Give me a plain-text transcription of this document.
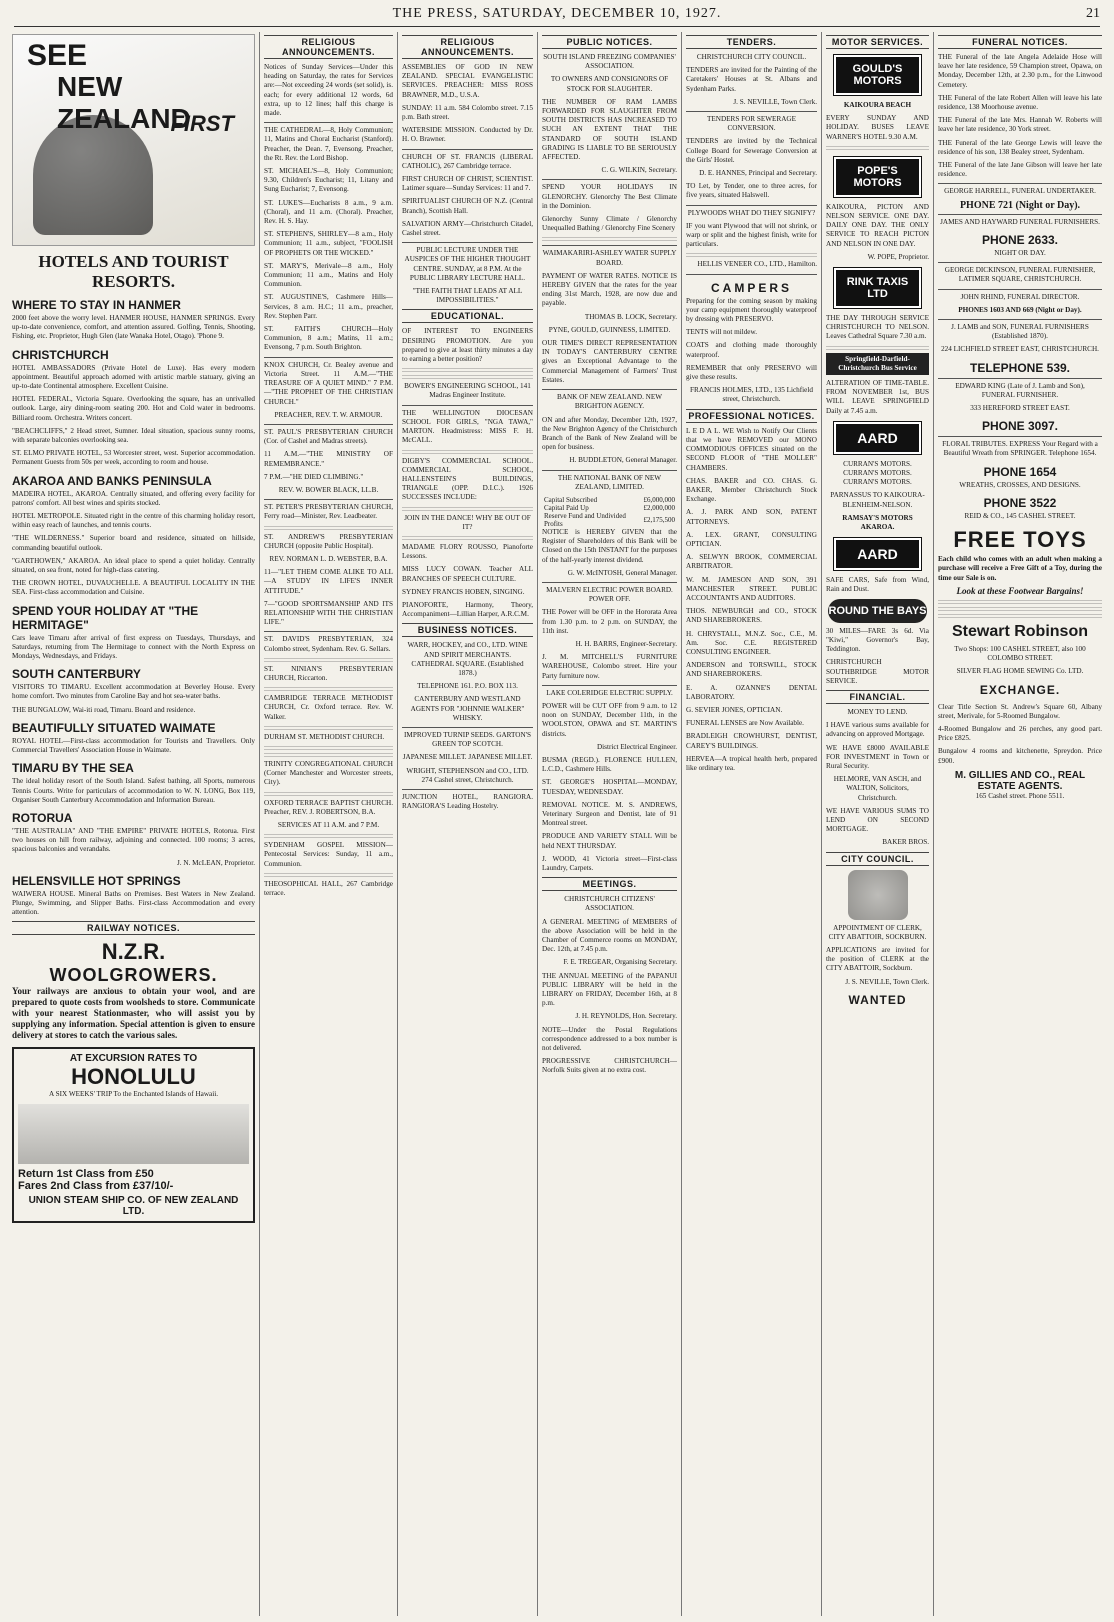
THE PRESS, SATURDAY, DECEMBER 10, 1927.	21
SEE
NEW ZEALAND
FIRST
HOTELS AND TOURIST RESORTS.
WHERE TO STAY IN HANMER
2000 feet above the worry level. HANMER HOUSE, HANMER SPRINGS. Every up-to-date convenience, comfort, and attention assured. Golfing, Tennis, Shooting, Fishing, etc. Proprietor, Hugh Glen (late Wanaka Hotel, Otago). 'Phone 9.
CHRISTCHURCH
HOTEL AMBASSADORS (Private Hotel de Luxe). Has every modern appointment. Beautiful approach adorned with artistic marble statuary, giving an up-to-date Continental atmosphere. Excellent Cuisine.
HOTEL FEDERAL, Victoria Square. Overlooking the square, has an unrivalled outlook. Large, airy dining-room seating 200. Hot and Cold water in bedrooms. Billiard room. Orchestra. Writers concert.
"BEACHCLIFFS," 2 Head street, Sumner. Ideal situation, spacious sunny rooms, with separate balconies overlooking sea.
ST. ELMO PRIVATE HOTEL, 53 Worcester street, west. Superior accommodation. Permanent Guests from 50s per week, according to room and house.
AKAROA AND BANKS PENINSULA
MADEIRA HOTEL, AKAROA. Centrally situated, and offering every facility for patrons' comfort. All best wines and spirits stocked.
HOTEL METROPOLE. Situated right in the centre of this charming holiday resort, within easy reach of launches, and tennis courts.
"THE WILDERNESS." Superior board and residence, situated on hillside, commanding beautiful outlook.
"GARTHOWEN," AKAROA. An ideal place to spend a quiet holiday. Centrally situated, on sea front, noted for high-class catering.
THE CROWN HOTEL, DUVAUCHELLE. A BEAUTIFUL LOCALITY IN THE SEA. First-class accommodation and Cuisine.
SPEND YOUR HOLIDAY AT "THE HERMITAGE"
Cars leave Timaru after arrival of first express on Tuesdays, Thursdays, and Saturdays, returning from The Hermitage to connect with the North Express on Mondays, Wednesdays, and Fridays.
SOUTH CANTERBURY
VISITORS TO TIMARU. Excellent accommodation at Beverley House. Every home comfort. Two minutes from Caroline Bay and hot sea-water baths.
THE BUNGALOW, Wai-iti road, Timaru. Board and residence.
BEAUTIFULLY SITUATED WAIMATE
ROYAL HOTEL—First-class accommodation for Tourists and Travellers. Only Commercial Travellers' Association House in Waimate.
TIMARU BY THE SEA
The ideal holiday resort of the South Island. Safest bathing, all Sports, numerous Tennis Courts. Write for particulars of accommodation to W. N. LONG, Box 119, Organiser South Canterbury Accommodation and Information Bureau.
ROTORUA
"THE AUSTRALIA" AND "THE EMPIRE" PRIVATE HOTELS, Rotorua. First two houses on hill from railway, adjoining and connected. 100 rooms; 3 acres, spacious balconies and verandahs.
J. N. McLEAN, Proprietor.
HELENSVILLE HOT SPRINGS
WAIWERA HOUSE. Mineral Baths on Premises. Best Waters in New Zealand. Plunge, Swimming, and Slipper Baths. First-class Accommodation and every attention.
RAILWAY NOTICES.
N.Z.R.
WOOLGROWERS.
Your railways are anxious to obtain your wool, and are prepared to quote costs from woolsheds to store. Communicate with your nearest Stationmaster, who will assist you by supplying any information. Special attention is given to ensure delivery at stores to catch the various sales.
AT EXCURSION RATES TO
HONOLULU
A SIX WEEKS' TRIP To the Enchanted Islands of Hawaii.
Return 1st Class from £50
Fares 2nd Class from £37/10/-
UNION STEAM SHIP CO. OF NEW ZEALAND LTD.
RELIGIOUS ANNOUNCEMENTS.
Notices of Sunday Services—Under this heading on Saturday, the rates for Services are:—Not exceeding 24 words (set solid), is. each; for every additional 12 words, 6d extra, up to 12 lines; half this charge is made.
THE CATHEDRAL—8, Holy Communion; 11, Matins and Choral Eucharist (Stanford). Preacher, the Dean. 7, Evensong. Preacher, the Rt. Rev. the Lord Bishop.
ST. MICHAEL'S—8, Holy Communion; 9.30, Children's Eucharist; 11, Litany and Sung Eucharist; 7, Evensong.
ST. LUKE'S—Eucharists 8 a.m., 9 a.m. (Choral), and 11 a.m. (Choral). Preacher, Rev. H. S. Hay.
ST. STEPHEN'S, SHIRLEY—8 a.m., Holy Communion; 11 a.m., subject, "FOOLISH OF PROPHETS OR THE WICKED."
ST. MARY'S, Merivale—8 a.m., Holy Communion; 11 a.m., Matins and Holy Communion.
ST. AUGUSTINE'S, Cashmere Hills—Services, 8 a.m. H.C.; 11 a.m., preacher, Rev. Stephen Parr.
ST. FAITH'S CHURCH—Holy Communion, 8 a.m.; Matins, 11 a.m.; Evensong, 7 p.m. South Brighton.
KNOX CHURCH, Cr. Bealey avenue and Victoria Street. 11 A.M.—"THE TREASURE OF A QUIET MIND." 7 P.M.—"THE PROPHET OF THE CHRISTIAN CHURCH."
PREACHER, REV. T. W. ARMOUR.
ST. PAUL'S PRESBYTERIAN CHURCH (Cor. of Cashel and Madras streets).
11 A.M.—"THE MINISTRY OF REMEMBRANCE."
7 P.M.—"HE DIED CLIMBING."
REV. W. BOWER BLACK, LL.B.
ST. PETER'S PRESBYTERIAN CHURCH, Ferry road—Minister, Rev. Leadbeater.
ST. ANDREW'S PRESBYTERIAN CHURCH (opposite Public Hospital).
REV. NORMAN L. D. WEBSTER, B.A.
11—"LET THEM COME ALIKE TO ALL—A STUDY IN LIFE'S INNER ATTITUDE."
7—"GOOD SPORTSMANSHIP AND ITS RELATIONSHIP WITH THE CHRISTIAN LIFE."
ST. DAVID'S PRESBYTERIAN, 324 Colombo street, Sydenham. Rev. G. Sellars.
ST. NINIAN'S PRESBYTERIAN CHURCH, Riccarton.
CAMBRIDGE TERRACE METHODIST CHURCH, Cr. Oxford terrace. Rev. W. Walker.
DURHAM ST. METHODIST CHURCH.
TRINITY CONGREGATIONAL CHURCH (Corner Manchester and Worcester streets, City).
OXFORD TERRACE BAPTIST CHURCH. Preacher, REV. J. ROBERTSON, B.A.
SERVICES AT 11 A.M. and 7 P.M.
SYDENHAM GOSPEL MISSION—Pentecostal Services: Sunday, 11 a.m., Communion.
THEOSOPHICAL HALL, 267 Cambridge terrace.
RELIGIOUS ANNOUNCEMENTS.
ASSEMBLIES OF GOD IN NEW ZEALAND. SPECIAL EVANGELISTIC SERVICES. PREACHER: MISS ROSS BRAWNER, M.D., U.S.A.
SUNDAY: 11 a.m. 584 Colombo street. 7.15 p.m. Bath street.
WATERSIDE MISSION. Conducted by Dr. H. O. Brawner.
CHURCH OF ST. FRANCIS (LIBERAL CATHOLIC), 267 Cambridge terrace.
FIRST CHURCH OF CHRIST, SCIENTIST. Latimer square—Sunday Services: 11 and 7.
SPIRITUALIST CHURCH OF N.Z. (Central Branch), Scottish Hall.
SALVATION ARMY—Christchurch Citadel, Cashel street.
PUBLIC LECTURE UNDER THE AUSPICES OF THE HIGHER THOUGHT CENTRE. SUNDAY, at 8 P.M. At the PUBLIC LIBRARY LECTURE HALL.
"THE FAITH THAT LEADS AT ALL IMPOSSIBILITIES."
EDUCATIONAL.
OF INTEREST TO ENGINEERS DESIRING PROMOTION. Are you prepared to give at least thirty minutes a day to earning a better position?
BOWER'S ENGINEERING SCHOOL, 141 Madras Engineer Institute.
THE WELLINGTON DIOCESAN SCHOOL FOR GIRLS, "NGA TAWA," MARTON. Headmistress: MISS F. H. McCALL.
DIGBY'S COMMERCIAL SCHOOL. COMMERCIAL SCHOOL, HALLENSTEIN'S BUILDINGS, TRIANGLE (OPP. D.I.C.). 1926 SUCCESSES INCLUDE:
JOIN IN THE DANCE! WHY BE OUT OF IT?
MADAME FLORY ROUSSO, Pianoforte Lessons.
MISS LUCY COWAN. Teacher ALL BRANCHES OF SPEECH CULTURE.
SYDNEY FRANCIS HOBEN, SINGING.
PIANOFORTE, Harmony, Theory, Accompaniment—Lillian Harper, A.R.C.M.
BUSINESS NOTICES.
WARR, HOCKEY, and CO., LTD. WINE AND SPIRIT MERCHANTS. CATHEDRAL SQUARE. (Established 1878.)
TELEPHONE 161. P.O. BOX 113.
CANTERBURY AND WESTLAND AGENTS FOR "JOHNNIE WALKER" WHISKY.
IMPROVED TURNIP SEEDS. GARTON'S GREEN TOP SCOTCH.
JAPANESE MILLET. JAPANESE MILLET.
WRIGHT, STEPHENSON and CO., LTD. 274 Cashel street, Christchurch.
JUNCTION HOTEL, RANGIORA. RANGIORA'S Leading Hostelry.
PUBLIC NOTICES.
SOUTH ISLAND FREEZING COMPANIES' ASSOCIATION.
TO OWNERS AND CONSIGNORS OF STOCK FOR SLAUGHTER.
THE NUMBER OF RAM LAMBS FORWARDED FOR SLAUGHTER FROM SOUTH DISTRICTS HAS INCREASED TO SUCH AN EXTENT THAT THE STANDARD OF SOUTH ISLAND GRADING IS LIABLE TO BE SERIOUSLY AFFECTED.
C. G. WILKIN, Secretary.
SPEND YOUR HOLIDAYS IN GLENORCHY. Glenorchy The Best Climate in the Dominion.
Glenorchy Sunny Climate / Glenorchy Unequalled Bathing / Glenorchy Fine Scenery
WAIMAKARIRI-ASHLEY WATER SUPPLY BOARD.
PAYMENT OF WATER RATES. NOTICE IS HEREBY GIVEN that the rates for the year ending 31st March, 1928, are now due and payable.
THOMAS B. LOCK, Secretary.
PYNE, GOULD, GUINNESS, LIMITED.
OUR TIME'S DIRECT REPRESENTATION IN TODAY'S CANTERBURY CENTRE gives an Exceptional Advantage to the Commercial Management of Farmers' Trust Estates.
BANK OF NEW ZEALAND. NEW BRIGHTON AGENCY.
ON and after Monday, December 12th, 1927, the New Brighton Agency of the Christchurch Branch of the Bank of New Zealand will be open for business.
H. BUDDLETON, General Manager.
THE NATIONAL BANK OF NEW ZEALAND, LIMITED.
Capital Subscribed	£6,000,000
Capital Paid Up	£2,000,000
Reserve Fund and Undivided Profits	£2,175,500
NOTICE is HEREBY GIVEN that the Register of Shareholders of this Bank will be Closed on the 15th INSTANT for the purposes of the half-yearly interest dividend.
G. W. McINTOSH, General Manager.
MALVERN ELECTRIC POWER BOARD. POWER OFF.
THE Power will be OFF in the Hororata Area from 1.30 p.m. to 2 p.m. on SUNDAY, the 11th inst.
H. H. BARRS, Engineer-Secretary.
J. M. MITCHELL'S FURNITURE WAREHOUSE, Colombo street. Hire your Party furniture now.
LAKE COLERIDGE ELECTRIC SUPPLY.
POWER will be CUT OFF from 9 a.m. to 12 noon on SUNDAY, December 11th, in the WOOLSTON, OPAWA and ST. MARTIN'S districts.
District Electrical Engineer.
BUSMA (REGD.). FLORENCE HULLEN, L.C.D., Cashmere Hills.
ST. GEORGE'S HOSPITAL—MONDAY, TUESDAY, WEDNESDAY.
REMOVAL NOTICE. M. S. ANDREWS, Veterinary Surgeon and Dentist, late of 91 Montreal street.
PRODUCE AND VARIETY STALL Will be held NEXT THURSDAY.
J. WOOD, 41 Victoria street—First-class Laundry, Carpets.
MEETINGS.
CHRISTCHURCH CITIZENS' ASSOCIATION.
A GENERAL MEETING of MEMBERS of the above Association will be held in the Chamber of Commerce rooms on MONDAY, Dec. 12th, at 7.45 p.m.
F. E. TREGEAR, Organising Secretary.
THE ANNUAL MEETING of the PAPANUI PUBLIC LIBRARY will be held in the LIBRARY on FRIDAY, December 16th, at 8 p.m.
J. H. REYNOLDS, Hon. Secretary.
NOTE—Under the Postal Regulations correspondence addressed to a box number is not delivered.
PROGRESSIVE CHRISTCHURCH—Norfolk Suits given at no extra cost.
TENDERS.
CHRISTCHURCH CITY COUNCIL.
TENDERS are invited for the Painting of the Caretakers' Houses at St. Albans and Sydenham Parks.
J. S. NEVILLE, Town Clerk.
TENDERS FOR SEWERAGE CONVERSION.
TENDERS are invited by the Technical College Board for Sewerage Conversion at the Girls' Hostel.
D. E. HANNES, Principal and Secretary.
TO Let, by Tender, one to three acres, for five years, situated Halswell.
PLYWOODS WHAT DO THEY SIGNIFY?
IF you want Plywood that will not shrink, or warp or split and the highest finish, write for particulars.
HELLIS VENEER CO., LTD., Hamilton.
CAMPERS
Preparing for the coming season by making your camp equipment thoroughly waterproof by dressing with PRESERVO.
TENTS will not mildew.
COATS and clothing made thoroughly waterproof.
REMEMBER that only PRESERVO will give these results.
FRANCIS HOLMES, LTD., 135 Lichfield street, Christchurch.
PROFESSIONAL NOTICES.
L E D A L. WE Wish to Notify Our Clients that we have REMOVED our MONO COMMODIOUS OFFICES situated on the SECOND FLOOR of "THE MOLLER" CHAMBERS.
CHAS. BAKER and CO. CHAS. G. BAKER, Member Christchurch Stock Exchange.
A. J. PARK AND SON, PATENT ATTORNEYS.
A. LEX. GRANT, CONSULTING OPTICIAN.
A. SELWYN BROOK, COMMERCIAL ARBITRATOR.
W. M. JAMESON AND SON, 391 MANCHESTER STREET. PUBLIC ACCOUNTANTS AND AUDITORS.
THOS. NEWBURGH and CO., STOCK AND SHAREBROKERS.
H. CHRYSTALL, M.N.Z. Soc., C.E., M. Am. Soc. C.E. REGISTERED CONSULTING ENGINEER.
ANDERSON and TORSWILL, STOCK AND SHAREBROKERS.
E. A. OZANNE'S DENTAL LABORATORY.
G. SEVIER JONES, OPTICIAN.
FUNERAL LENSES are Now Available.
BRADLEIGH CROWHURST, DENTIST, CAREY'S BUILDINGS.
HERVEA—A tropical health herb, prepared like ordinary tea.
MOTOR SERVICES.
GOULD'S MOTORS
KAIKOURA BEACH
EVERY SUNDAY AND HOLIDAY. BUSES LEAVE WARNER'S HOTEL 9.30 A.M.
POPE'S MOTORS
KAIKOURA, PICTON AND NELSON SERVICE. ONE DAY. DAILY ONE DAY. THE ONLY SERVICE TO REACH PICTON AND NELSON IN ONE DAY.
W. POPE, Proprietor.
RINK TAXIS LTD
THE DAY THROUGH SERVICE CHRISTCHURCH TO NELSON. Leaves Cathedral Square 7.30 a.m.
Springfield-Darfield-Christchurch Bus Service
ALTERATION OF TIME-TABLE. FROM NOVEMBER 1st, BUS WILL LEAVE SPRINGFIELD Daily at 7.45 a.m.
AARD
CURRAN'S MOTORS. CURRAN'S MOTORS. CURRAN'S MOTORS.
PARNASSUS TO KAIKOURA-BLENHEIM-NELSON.
RAMSAY'S MOTORS AKAROA.
AARD
SAFE CARS, Safe from Wind, Rain and Dust.
ROUND THE BAYS
30 MILES—FARE 3s 6d. Via "Kiwi," Governor's Bay, Teddington.
CHRISTCHURCH SOUTHBRIDGE MOTOR SERVICE.
FINANCIAL.
MONEY TO LEND.
I HAVE various sums available for advancing on approved Mortgage.
WE HAVE £8000 AVAILABLE FOR INVESTMENT in Town or Rural Security.
HELMORE, VAN ASCH, and WALTON, Solicitors, Christchurch.
WE HAVE VARIOUS SUMS TO LEND ON SECOND MORTGAGE.
BAKER BROS.
CITY COUNCIL.
APPOINTMENT OF CLERK, CITY ABATTOIR, SOCKBURN.
APPLICATIONS are invited for the position of CLERK at the CITY ABATTOIR, Sockburn.
J. S. NEVILLE, Town Clerk.
WANTED
FUNERAL NOTICES.
THE Funeral of the late Angela Adelaide Hose will leave her late residence, 59 Champion street, Opawa, on Monday, December 12th, at 2.30 p.m., for the Linwood Cemetery.
THE Funeral of the late Robert Allen will leave his late residence, 138 Moorhouse avenue.
THE Funeral of the late Mrs. Hannah W. Roberts will leave her late residence, 30 York street.
THE Funeral of the late George Lewis will leave the residence of his son, 138 Bealey street, Sydenham.
THE Funeral of the late Jane Gibson will leave her late residence.
GEORGE HARRELL, FUNERAL UNDERTAKER.
PHONE 721 (Night or Day).
JAMES AND HAYWARD FUNERAL FURNISHERS.
PHONE 2633.
NIGHT OR DAY.
GEORGE DICKINSON, FUNERAL FURNISHER, LATIMER SQUARE, CHRISTCHURCH.
JOHN RHIND, FUNERAL DIRECTOR.
PHONES 1603 AND 669 (Night or Day).
J. LAMB and SON, FUNERAL FURNISHERS (Established 1870).
224 LICHFIELD STREET EAST, CHRISTCHURCH.
TELEPHONE 539.
EDWARD KING (Late of J. Lamb and Son), FUNERAL FURNISHER.
333 HEREFORD STREET EAST.
PHONE 3097.
FLORAL TRIBUTES. EXPRESS Your Regard with a Beautiful Wreath from SPRINGER. Telephone 1654.
PHONE 1654
WREATHS, CROSSES, AND DESIGNS.
PHONE 3522
REID & CO., 145 CASHEL STREET.
FREE TOYS
Each child who comes with an adult when making a purchase will receive a Free Gift of a Toy, during the time our Sale is on.
Look at these Footwear Bargains!
Stewart Robinson
Two Shops: 100 CASHEL STREET, also 100 COLOMBO STREET.
SILVER FLAG HOME SEWING Co. LTD.
EXCHANGE.
Clear Title Section St. Andrew's Square 60, Albany street, Merivale, for 5-Roomed Bungalow.
4-Roomed Bungalow and 26 perches, any good part. Price £825.
Bungalow 4 rooms and kitchenette, Spreydon. Price £900.
M. GILLIES AND CO., REAL ESTATE AGENTS.
165 Cashel street. Phone 5511.
